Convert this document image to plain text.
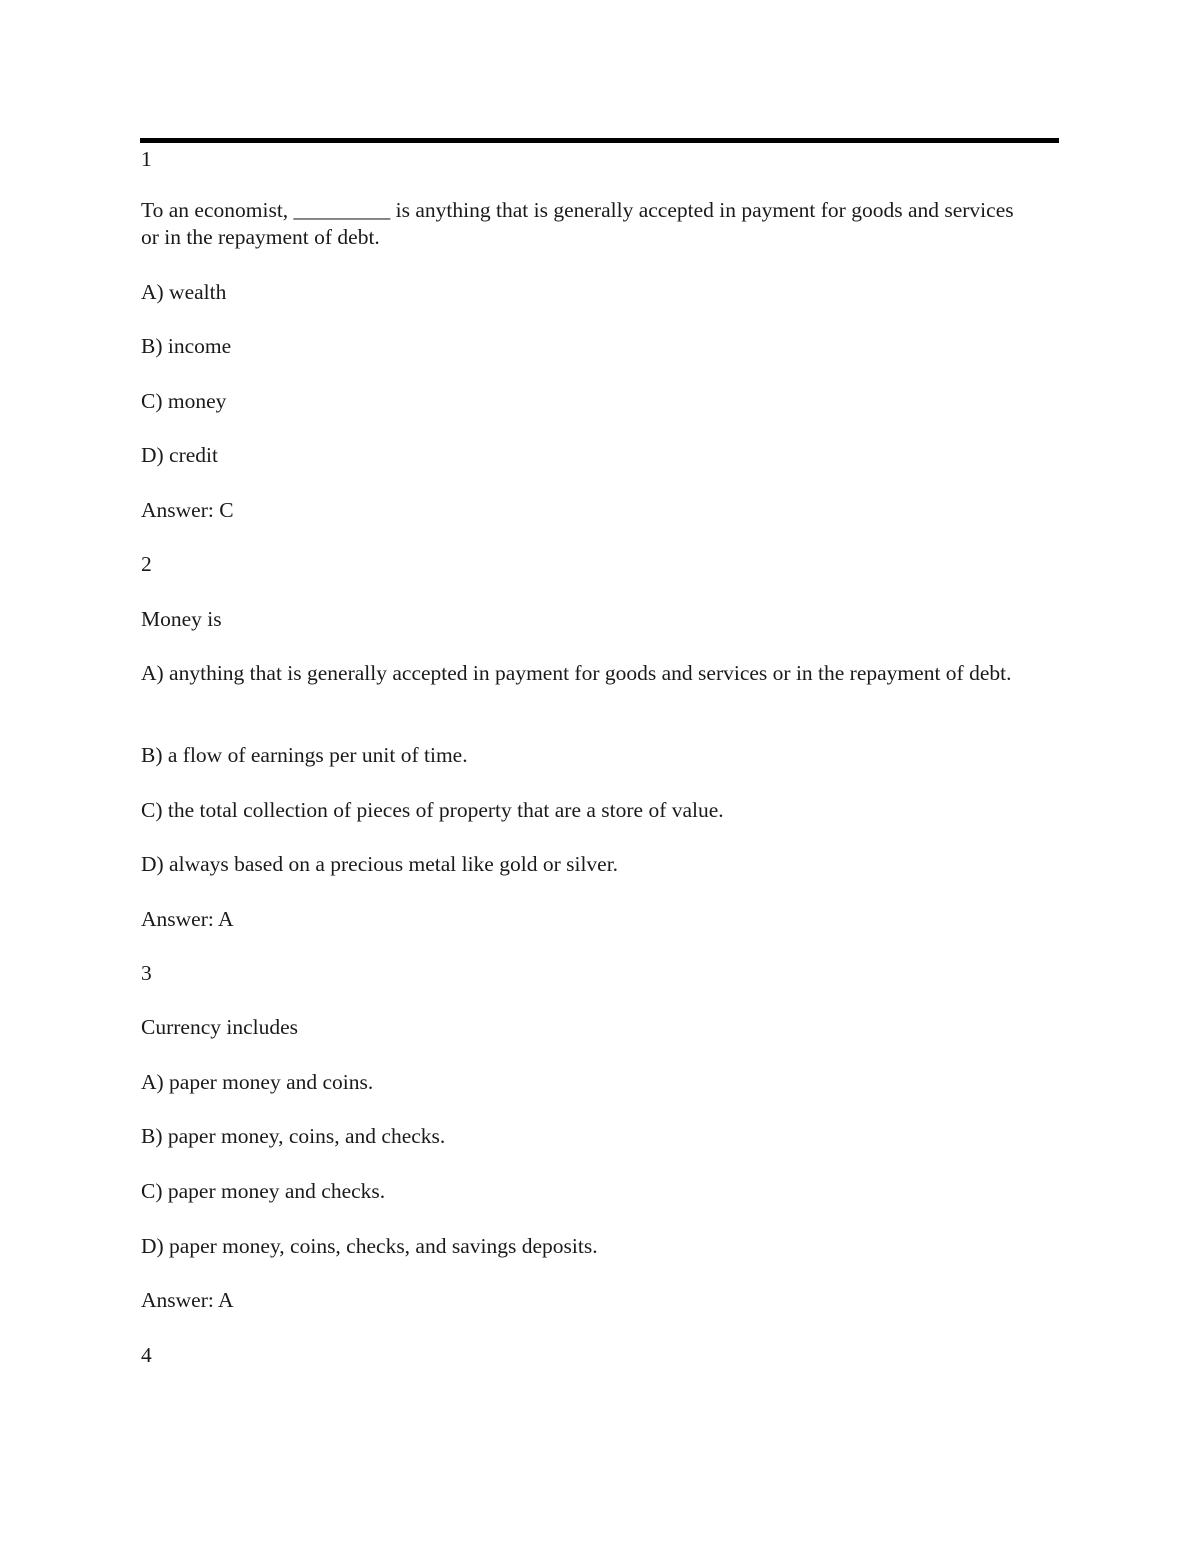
1
To an economist, _________ is anything that is generally accepted in payment for goods and services or in the repayment of debt.
A) wealth
B) income
C) money
D) credit
Answer: C
2
Money is
A) anything that is generally accepted in payment for goods and services or in the repayment of debt.
B) a flow of earnings per unit of time.
C) the total collection of pieces of property that are a store of value.
D) always based on a precious metal like gold or silver.
Answer: A
3
Currency includes
A) paper money and coins.
B) paper money, coins, and checks.
C) paper money and checks.
D) paper money, coins, checks, and savings deposits.
Answer: A
4
